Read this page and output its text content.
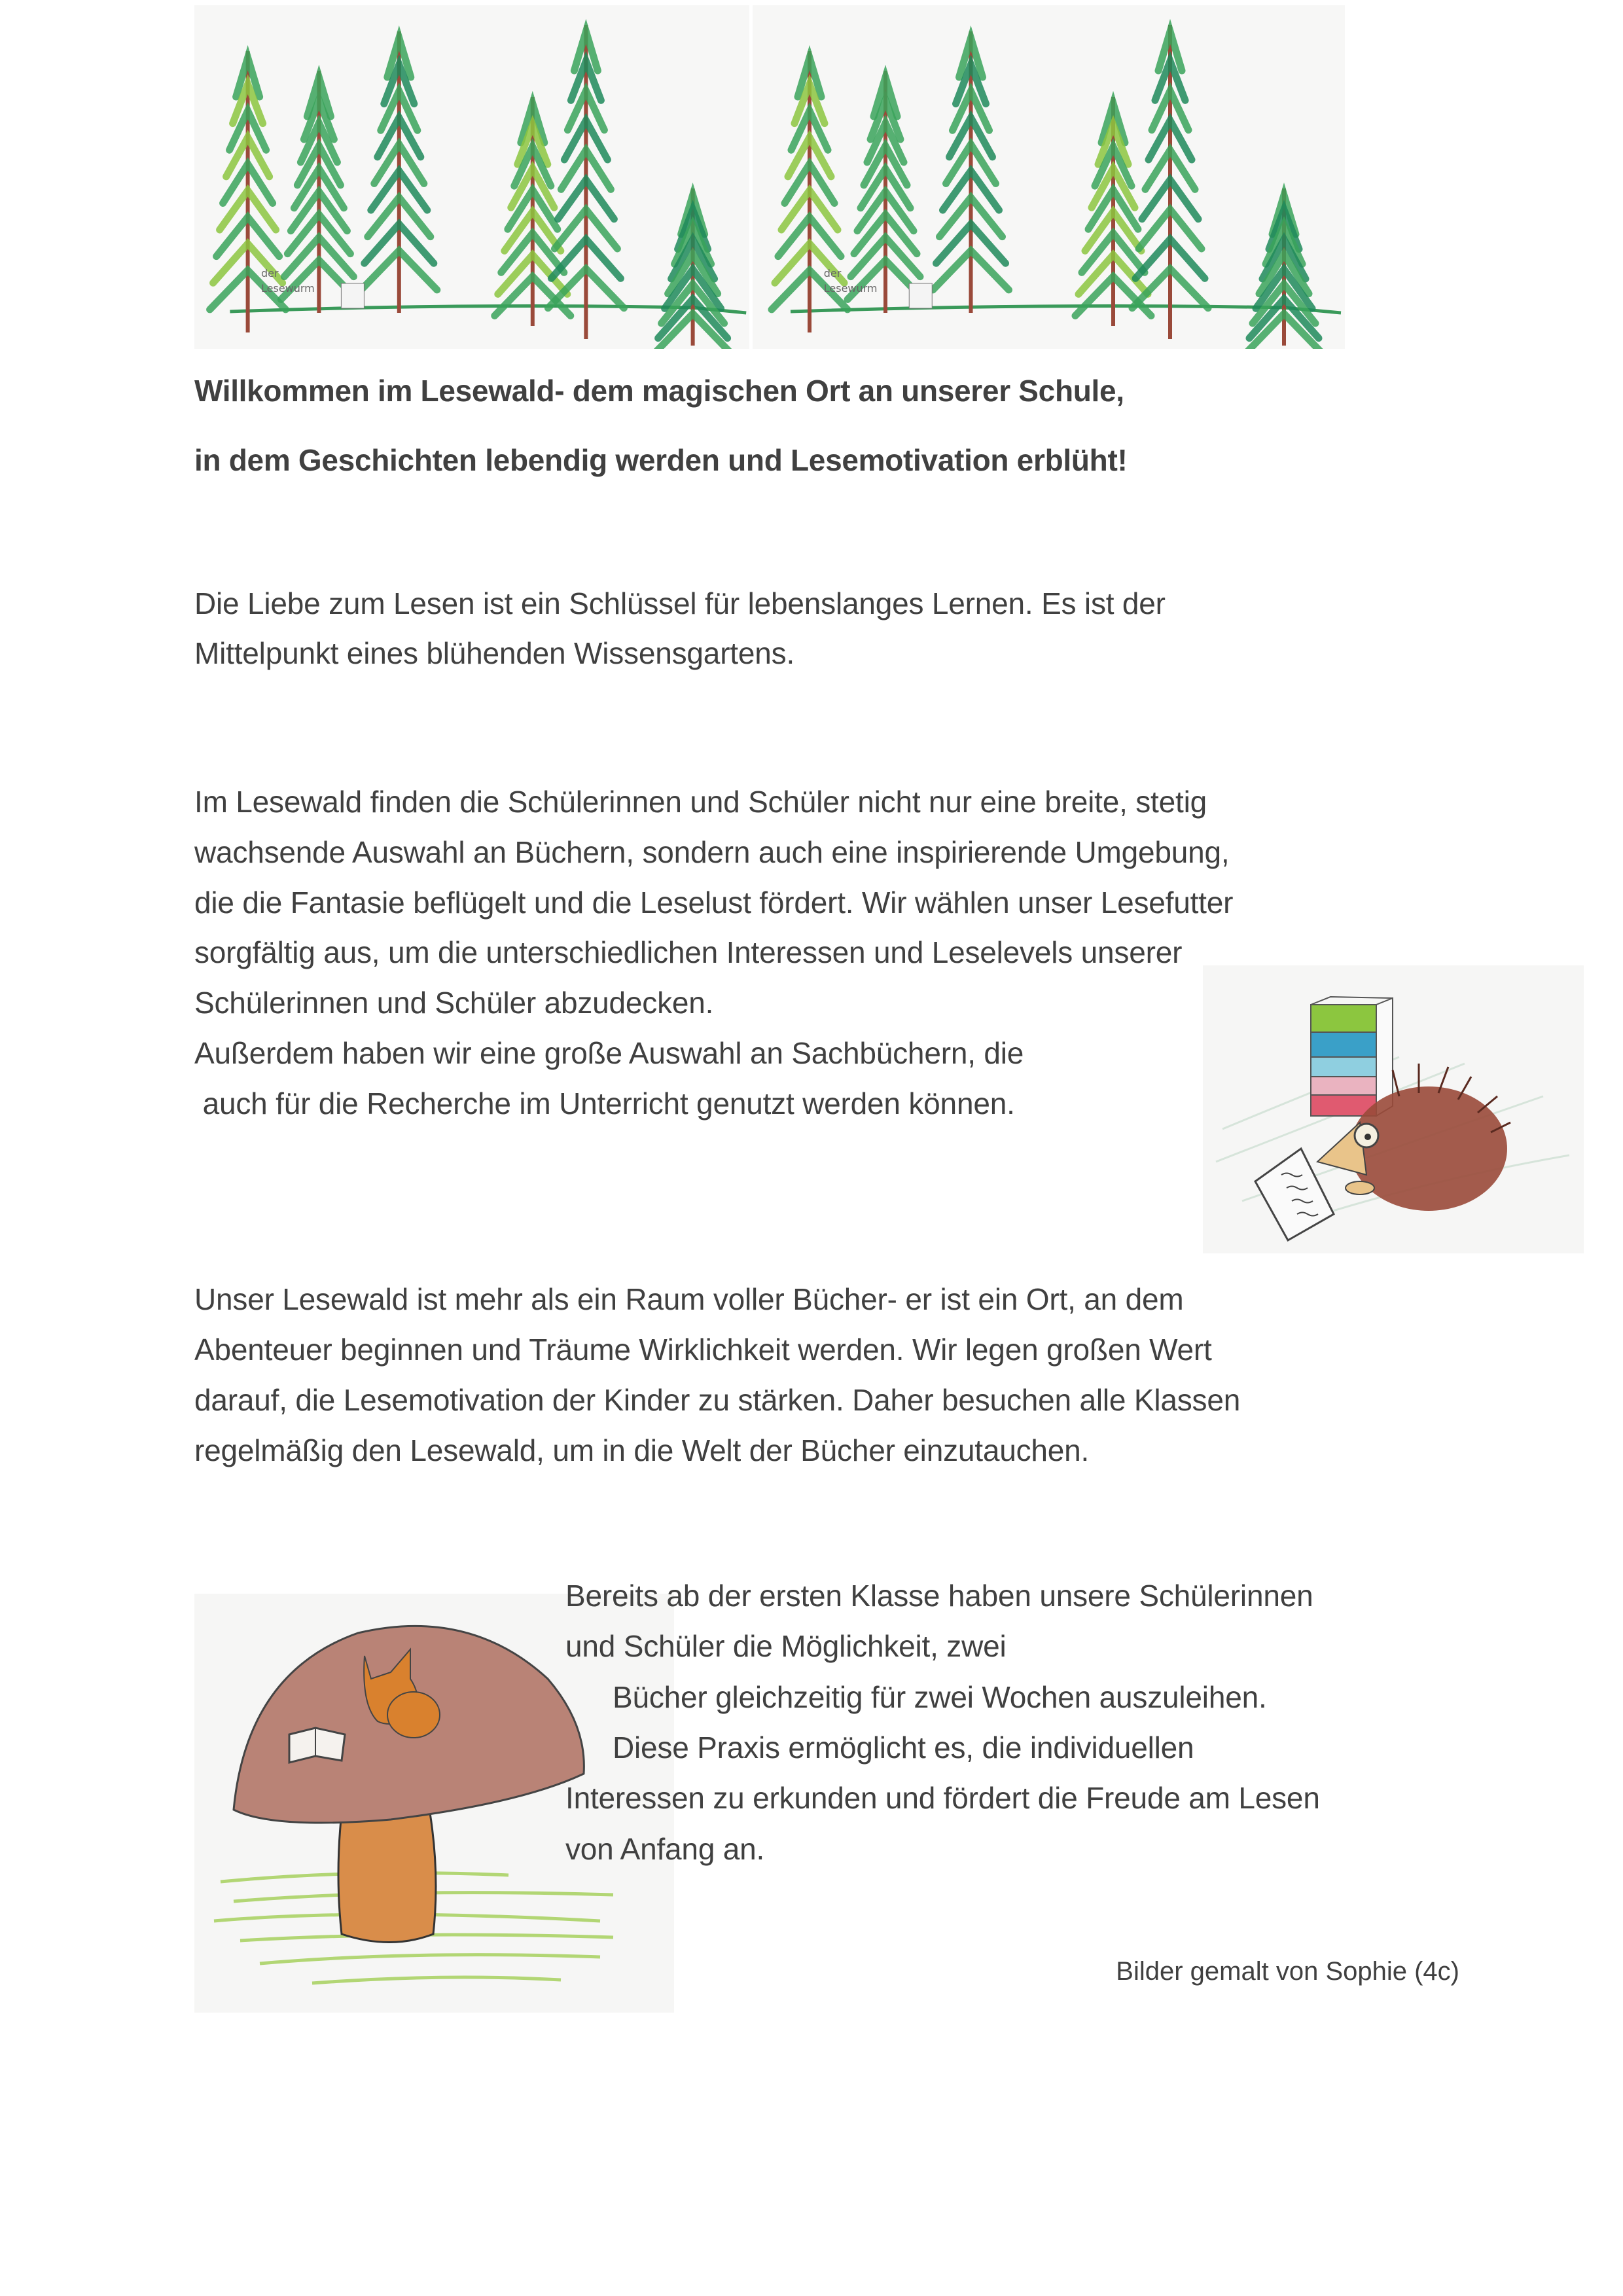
der
Lesewurm
der
Lesewurm
Willkommen im Lesewald- dem magischen Ort an unserer Schule,
in dem Geschichten lebendig werden und Lesemotivation erblüht!
Die Liebe zum Lesen ist ein Schlüssel für lebenslanges Lernen. Es ist der
Mittelpunkt eines blühenden Wissensgartens.
Im Lesewald finden die Schülerinnen und Schüler nicht nur eine breite, stetig
wachsende Auswahl an Büchern, sondern auch eine inspirierende Umgebung,
die die Fantasie beflügelt und die Leselust fördert. Wir wählen unser Lesefutter
sorgfältig aus, um die unterschiedlichen Interessen und Leselevels unserer
Schülerinnen und Schüler abzudecken.
Außerdem haben wir eine große Auswahl an Sachbüchern, die
auch für die Recherche im Unterricht genutzt werden können.
Unser Lesewald ist mehr als ein Raum voller Bücher- er ist ein Ort, an dem
Abenteuer beginnen und Träume Wirklichkeit werden. Wir legen großen Wert
darauf, die Lesemotivation der Kinder zu stärken. Daher besuchen alle Klassen
regelmäßig den Lesewald, um in die Welt der Bücher einzutauchen.
Bereits ab der ersten Klasse haben unsere Schülerinnen
und Schüler die Möglichkeit, zwei
Bücher gleichzeitig für zwei Wochen auszuleihen.
Diese Praxis ermöglicht es, die individuellen
Interessen zu erkunden und fördert die Freude am Lesen
von Anfang an.
Bilder gemalt von Sophie (4c)
